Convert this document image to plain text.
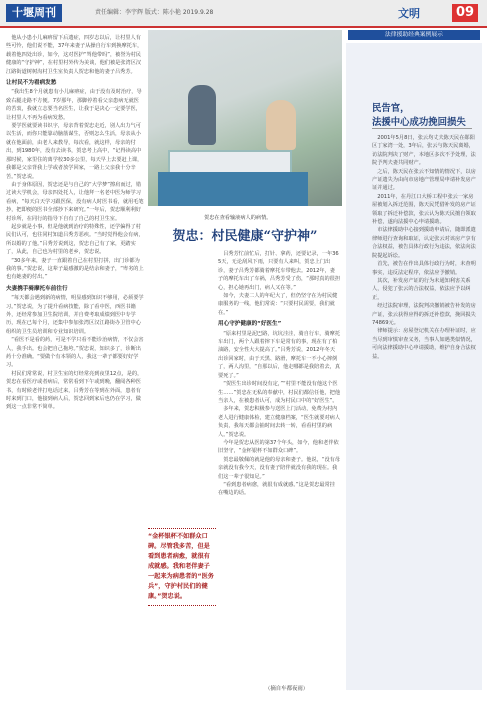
十堰周刊	责任编辑：李宇辉 版式：陈小艳 2019.9.28	文明	09

他从小患小儿麻痹留下后遗症，四岁志以后，让村里人有些可怜，他们说不能，37年来妻子从操自行车到换摩托车，载着他四处出诊，如今，这对医护“驾他带吗”，被誉为村民健康的“守护神”，在村里村外传为美谈，他们被是张湾区汉江路街道树树沟村卫生室负责人贺忠和他的妻子吕秀芳。

让村民不为看病发愁

“我出生8个月就患有小儿麻痹症，由于没有及时治疗，导致右腿走路不方便。7岁那年，那脚停着看父亲患病无就医的苦衷，我就立志要当名医生，让我于是决心一定要学医，让村里人不再为看病发愁。

要学医就要读书识字，母亲背着贺忠走近，别人出力气可以生活，而你只能靠动脑筋谋生，否则怎么生活，母亲从小就在他面前，由老人来教导，每次看，就这样，母亲的付出，到1980年，没有去读书，贺忠考上高中，“记得读高中那时候，家里住的离学校30多公里，每天早上去要赶上课，我都是父亲背我上学或者放学回家，一路上父亲我十分辛苦。”贺忠说。

由于身体原因，贺忠还是与自己的“大学梦”擦肩而过，错过读大学机会，母亲四处托人，让他拜一名老中医为师学习看病，“每天白天学习跟医保，没有病人时医书看，就用毛笔抄，把即便的医书全部抄下来研究。”一年后，贺忠顺利利好村诊所，在同行的指导下自有了自己的村卫生室。

起步就是小事，但是他就到治疗的特殊性，还学偏得了村民们认可，也往同村知道吕秀芳恶疾。“当时觉得他会有病，所以婚的了他。”吕秀芳说到这，贺忠自己有了家，更踏实了，从此，自己也为村里的老乡，贺忠说。

“30多年来，妻子一直跟着自己在村里打拼，出门诊都为我的事。”贺忠说，这辈子最感激的是结余和妻子，“卑劣的上也有她妻的付出。”

夫妻携手骑摩托车前往行

“每天都会遇到新的病情，明显感到知识不够用，必须要学习。”贺忠说，为了提升看病技能，除了看中医，西医书籍外，还经常参加卫生院培训，并自费考取成绩到医中专学历，现在已每个月，还集中参加张湾区汉江路街办卫管中心组织的卫生员培训和专业知识培训。

“看医不是看的药，可是不学只看不能诊治病情，不仅会害人，我手出。也会把自己拖垮。”贺忠说，知识多了，诊断出药十分准确。“要做个有本领的人，我这一辈子都要好好学习。

村民们常常说，村卫生室的灯经常亮到夜里12点，是的，贺忠在看医疗或者病后，常常看到下午或到晚，翻阅各种医书，有时候老伴打电话过来，吕秀芳在等到在外面，患者有时来到门口，他接到病人后，贺忠回到家后也仍在学习，做到这一点非常不简单。

贺忠在查看输液病人的病情。
贺忠：村民健康“守护神”

吕秀芳忙前忙后，打针、拿药，还要记录，一年365天，无论刮风下雨，只要有人来叫，贺忠上门出诊，妻子吕秀芳都骑着摩托车带他去。2012年，妻子的摩托车出了车祸，吕秀芳受了伤，“那时真的很担心，担心她再出门，病人又在等。”

如今，夫妻二人的年纪大了，但仍坚守在为村民健康服务的一线，他们常说：“只要村民需要，我们就在。”

用心守护健康的“好医生”

“原来村里是泥巴路，坑坑洼洼，骑自行车，骑摩托车出门，两个人跟着摔下车是常有的事，现在有了柏油路，安全性大大提高了。”吕秀芳说，2012年冬天出诊回家时，由于天黑、路滑，摩托车一不小心摔倒了，两人沟里，“自那以后，他走哪都是我陪着去，真要死了。”

“贺医生出诊时间没有定，”“村里不能没有他这个医生……”贺忠在无私的奉献中，村民们都信任他，把他当亲人，在被患者认可，成为村民口中的“好医生”。

多年来，贺忠积极参与送医上门活动，免费为村内老人进行健康体检，建立健康档案，“医生就要对病人负责，我每天都会抽时间去转一转，看看村里的病人。”贺忠说。

今年是贺忠从医的第37个年头，如今，他和老伴依旧坚守，“金杯银杯不如群众口碑”。

贺忠最敬佩的就是他的母亲和妻子。他说，“没有母亲就没有我今天，没有妻子陪伴就没有我的现在。我们这一辈子很知足。”

“看到患者病愈，就很有成就感。”这是贺忠最常挂在嘴边的话。

“金杯银杯不如群众口碑。尽管我多苦，但是看到患者病愈，就很有成就感。我和老伴妻子一起来为病患者的“医务兵”，守护村民们的健康。”贺忠说。
法律援助经典案例展示
民告官，
法援中心成功挽回损失

2001年5月8日，张云均丈夫陈天民在郧阳区丁家湾一处，3年后，张云与陈天民离婚，访法院判决了财产，本地区多次不予处理，法院予判夫妻共同财产。

之后，陈天民在张云不知情的情况下，以房产证遗失为由向市房地产管理局申请补发房产证并通过。

2011年，在丹江口大桥工程中张云一家房屋被划入拆迁范围，陈天民凭借补发的房产证领取了拆迁补偿款，张云认为陈天民擅自领取补偿，遂向法援中心申请援助。

市法律援助中心接到援助申请后，随即派遣律师进行查询和取证，认定张云对该房产享有合法权益，被告具体行政行为违法，依法向法院提起诉讼。

首先，被告在作出具体行政行为时，未查明事实，违反法定程序，依法应予撤销。

其次，补发房产证的行为未通知利害关系人，侵犯了张云的合法权益，依法应予以纠正。

经过法院审理，法院判决撤销被告补发的房产证，张云获得应得的拆迁补偿款，挽回损失74869元。

律师提示：房屋登记机关在办理补证时，应当尽到审慎审查义务，当事人如遇类似情况，可向法律援助中心申请援助，维护自身合法权益。

（摘自车都夜雨）
